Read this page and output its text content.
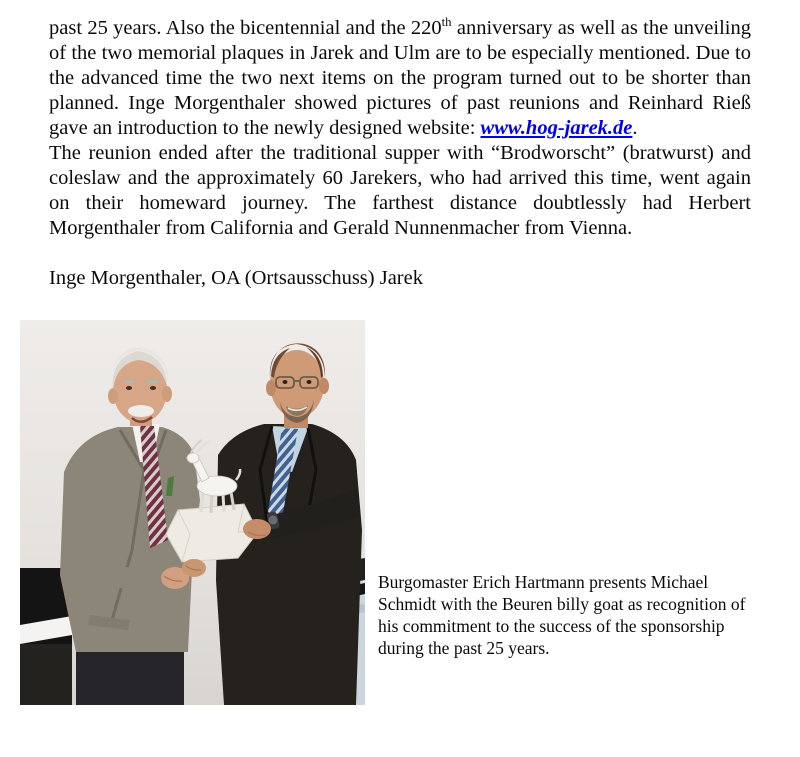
past 25 years. Also the bicentennial and the 220th anniversary as well as the unveiling of the two memorial plaques in Jarek and Ulm are to be especially mentioned. Due to the advanced time the two next items on the program turned out to be shorter than planned. Inge Morgenthaler showed pictures of past reunions and Reinhard Rieß gave an introduction to the newly designed website: www.hog-jarek.de.

The reunion ended after the traditional supper with “Brodworscht” (bratwurst) and coleslaw and the approximately 60 Jarekers, who had arrived this time, went again on their homeward journey. The farthest distance doubtlessly had Herbert Morgenthaler from California and Gerald Nunnenmacher from Vienna.

Inge Morgenthaler, OA (Ortsausschuss) Jarek

Burgomaster Erich Hartmann presents Michael Schmidt with the Beuren billy goat as recognition of his commitment to the success of the sponsorship during the past 25 years.
